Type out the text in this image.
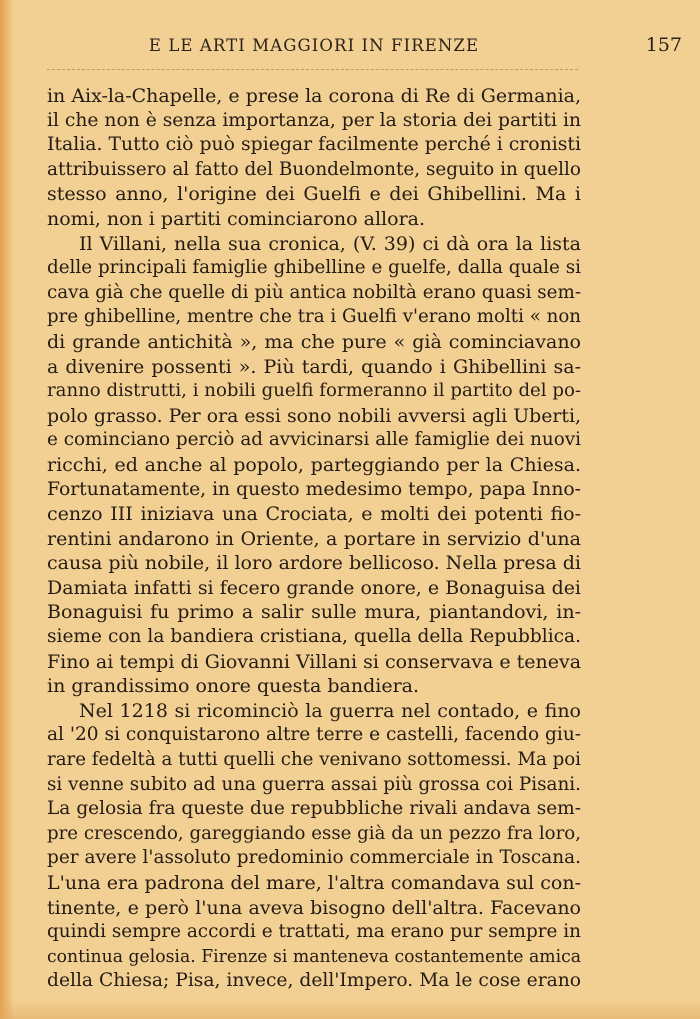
E LE ARTI MAGGIORI IN FIRENZE	157
in Aix-la-Chapelle, e prese la corona di Re di Germania,
il che non è senza importanza, per la storia dei partiti in
Italia. Tutto ciò può spiegar facilmente perché i cronisti
attribuissero al fatto del Buondelmonte, seguito in quello
stesso anno, l'origine dei Guelfi e dei Ghibellini. Ma i
nomi, non i partiti cominciarono allora.
Il Villani, nella sua cronica, (V. 39) ci dà ora la lista
delle principali famiglie ghibelline e guelfe, dalla quale si
cava già che quelle di più antica nobiltà erano quasi sem-
pre ghibelline, mentre che tra i Guelfi v'erano molti « non
di grande antichità », ma che pure « già cominciavano
a divenire possenti ». Più tardi, quando i Ghibellini sa-
ranno distrutti, i nobili guelfi formeranno il partito del po-
polo grasso. Per ora essi sono nobili avversi agli Uberti,
e cominciano perciò ad avvicinarsi alle famiglie dei nuovi
ricchi, ed anche al popolo, parteggiando per la Chiesa.
Fortunatamente, in questo medesimo tempo, papa Inno-
cenzo III iniziava una Crociata, e molti dei potenti fio-
rentini andarono in Oriente, a portare in servizio d'una
causa più nobile, il loro ardore bellicoso. Nella presa di
Damiata infatti si fecero grande onore, e Bonaguisa dei
Bonaguisi fu primo a salir sulle mura, piantandovi, in-
sieme con la bandiera cristiana, quella della Repubblica.
Fino ai tempi di Giovanni Villani si conservava e teneva
in grandissimo onore questa bandiera.
Nel 1218 si ricominciò la guerra nel contado, e fino
al '20 si conquistarono altre terre e castelli, facendo giu-
rare fedeltà a tutti quelli che venivano sottomessi. Ma poi
si venne subito ad una guerra assai più grossa coi Pisani.
La gelosia fra queste due repubbliche rivali andava sem-
pre crescendo, gareggiando esse già da un pezzo fra loro,
per avere l'assoluto predominio commerciale in Toscana.
L'una era padrona del mare, l'altra comandava sul con-
tinente, e però l'una aveva bisogno dell'altra. Facevano
quindi sempre accordi e trattati, ma erano pur sempre in
continua gelosia. Firenze si manteneva costantemente amica
della Chiesa; Pisa, invece, dell'Impero. Ma le cose erano
